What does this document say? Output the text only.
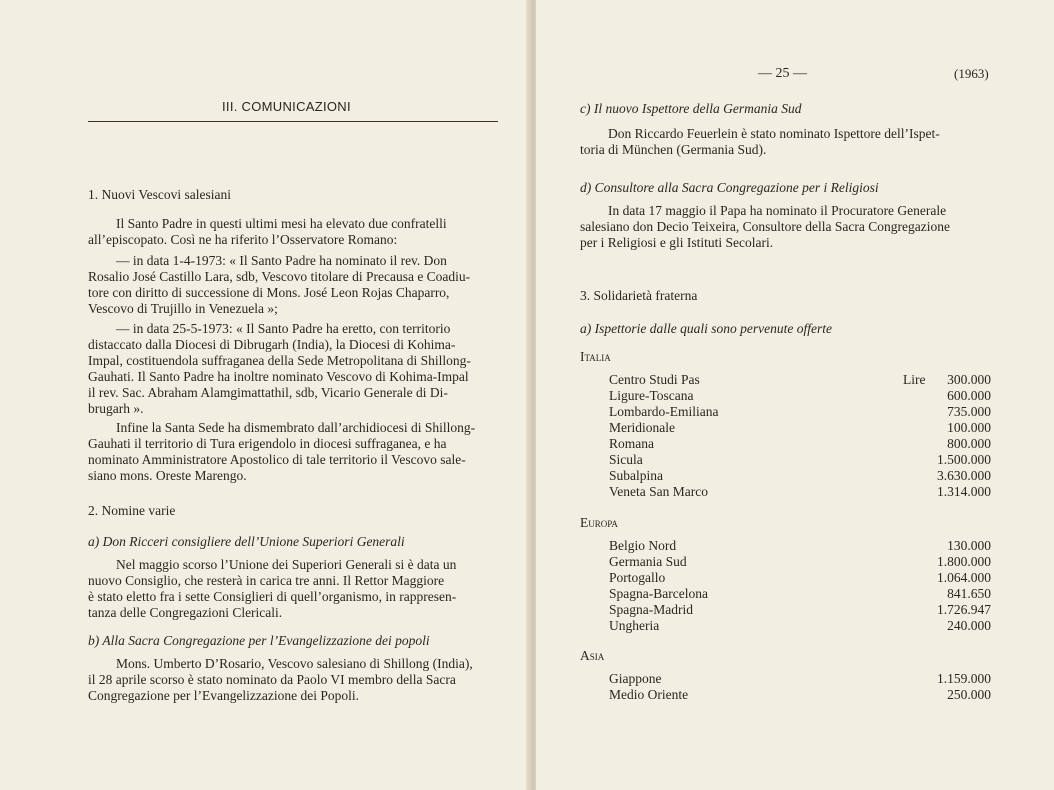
III. COMUNICAZIONI
1. Nuovi Vescovi salesiani

Il Santo Padre in questi ultimi mesi ha elevato due confratelli

all’episcopato. Così ne ha riferito l’Osservatore Romano:

— in data 1-4-1973: « Il Santo Padre ha nominato il rev. Don

Rosalio José Castillo Lara, sdb, Vescovo titolare di Precausa e Coadiu-

tore con diritto di successione di Mons. José Leon Rojas Chaparro,

Vescovo di Trujillo in Venezuela »;

— in data 25-5-1973: « Il Santo Padre ha eretto, con territorio

distaccato dalla Diocesi di Dibrugarh (India), la Diocesi di Kohima-

Impal, costituendola suffraganea della Sede Metropolitana di Shillong-

Gauhati. Il Santo Padre ha inoltre nominato Vescovo di Kohima-Impal

il rev. Sac. Abraham Alamgimattathil, sdb, Vicario Generale di Di-

brugarh ».

Infine la Santa Sede ha dismembrato dall’archidiocesi di Shillong-

Gauhati il territorio di Tura erigendolo in diocesi suffraganea, e ha

nominato Amministratore Apostolico di tale territorio il Vescovo sale-

siano mons. Oreste Marengo.

2. Nomine varie
a) Don Ricceri consigliere dell’Unione Superiori Generali

Nel maggio scorso l’Unione dei Superiori Generali si è data un

nuovo Consiglio, che resterà in carica tre anni. Il Rettor Maggiore

è stato eletto fra i sette Consiglieri di quell’organismo, in rappresen-

tanza delle Congregazioni Clericali.

b) Alla Sacra Congregazione per l’Evangelizzazione dei popoli

Mons. Umberto D’Rosario, Vescovo salesiano di Shillong (India),

il 28 aprile scorso è stato nominato da Paolo VI membro della Sacra

Congregazione per l’Evangelizzazione dei Popoli.

— 25 —	(1963)
c) Il nuovo Ispettore della Germania Sud

Don Riccardo Feuerlein è stato nominato Ispettore dell’Ispet-

toria di München (Germania Sud).

d) Consultore alla Sacra Congregazione per i Religiosi

In data 17 maggio il Papa ha nominato il Procuratore Generale

salesiano don Decio Teixeira, Consultore della Sacra Congregazione

per i Religiosi e gli Istituti Secolari.

3. Solidarietà fraterna
a) Ispettorie dalle quali sono pervenute offerte
Italia
Centro Studi Pas	Lire 300.000
Ligure-Toscana	600.000
Lombardo-Emiliana	735.000
Meridionale	100.000
Romana	800.000
Sicula	1.500.000
Subalpina	3.630.000
Veneta San Marco	1.314.000
Europa
Belgio Nord	130.000
Germania Sud	1.800.000
Portogallo	1.064.000
Spagna-Barcelona	841.650
Spagna-Madrid	1.726.947
Ungheria	240.000
Asia
Giappone	1.159.000
Medio Oriente	250.000
